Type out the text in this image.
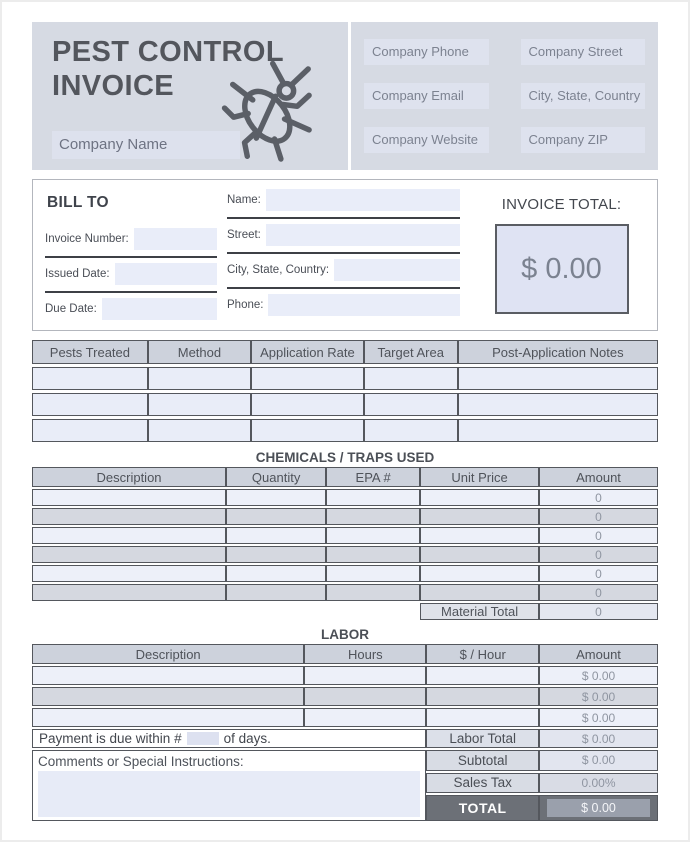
PEST CONTROL
INVOICE
Company Name
Company Phone	Company Street
Company Email	City, State, Country
Company Website	Company ZIP
BILL TO
Invoice Number:
Issued Date:
Due Date:
Name:
Street:
City, State, Country:
Phone:
INVOICE TOTAL:
$ 0.00
Pests Treated	Method	Application Rate	Target Area	Post-Application Notes

CHEMICALS / TRAPS USED
Description	Quantity	EPA #	Unit Price	Amount
				0
				0
				0
				0
				0
				0
			Material Total	0
LABOR
Description	Hours	$ / Hour	Amount
			$ 0.00
			$ 0.00
			$ 0.00
Payment is due within # of days.		Labor Total	$ 0.00

Comments or Special Instructions:		Subtotal	$ 0.00
		Sales Tax	0.00%
		TOTAL	$ 0.00
